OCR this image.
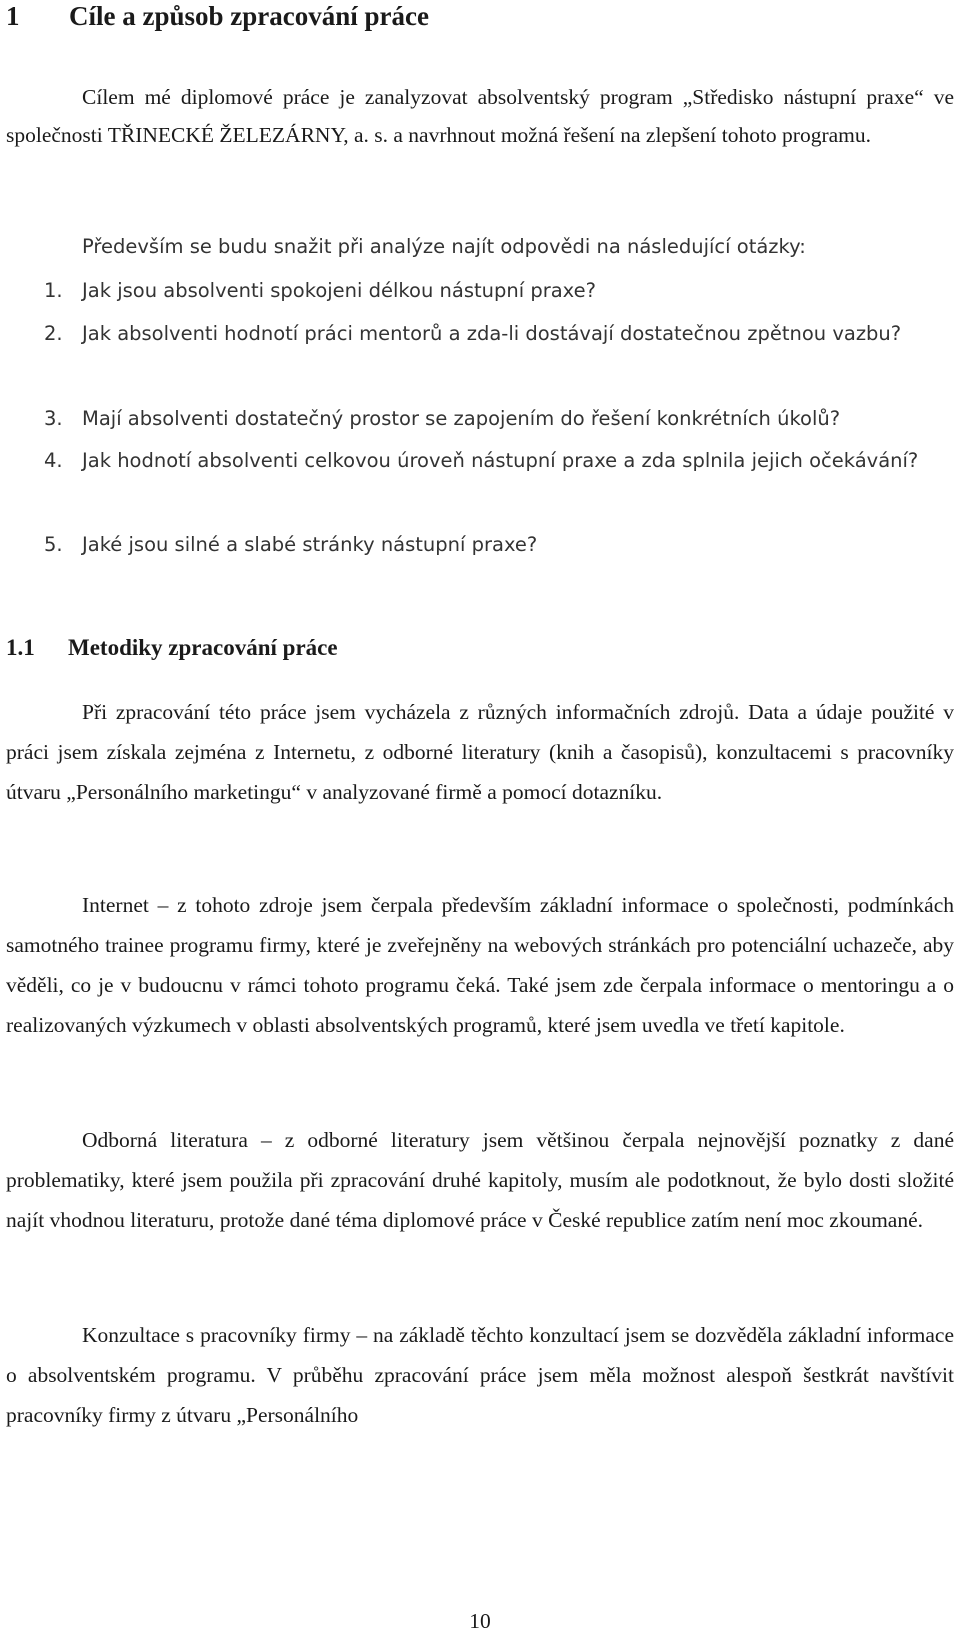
1 Cíle a způsob zpracování práce
Cílem mé diplomové práce je zanalyzovat absolventský program „Středisko nástupní praxe“ ve společnosti TŘINECKÉ ŽELEZÁRNY, a. s. a navrhnout možná řešení na zlepšení tohoto programu.
Především se budu snažit při analýze najít odpovědi na následující otázky:
1. Jak jsou absolventi spokojeni délkou nástupní praxe?
2. Jak absolventi hodnotí práci mentorů a zda-li dostávají dostatečnou zpětnou vazbu?
3. Mají absolventi dostatečný prostor se zapojením do řešení konkrétních úkolů?
4. Jak hodnotí absolventi celkovou úroveň nástupní praxe a zda splnila jejich očekávání?
5. Jaké jsou silné a slabé stránky nástupní praxe?
1.1 Metodiky zpracování práce
Při zpracování této práce jsem vycházela z různých informačních zdrojů. Data a údaje použité v práci jsem získala zejména z Internetu, z odborné literatury (knih a časopisů), konzultacemi s pracovníky útvaru „Personálního marketingu“ v analyzované firmě a pomocí dotazníku.
Internet – z tohoto zdroje jsem čerpala především základní informace o společnosti, podmínkách samotného trainee programu firmy, které je zveřejněny na webových stránkách pro potenciální uchazeče, aby věděli, co je v budoucnu v rámci tohoto programu čeká. Také jsem zde čerpala informace o mentoringu a o realizovaných výzkumech v oblasti absolventských programů, které jsem uvedla ve třetí kapitole.
Odborná literatura – z odborné literatury jsem většinou čerpala nejnovější poznatky z dané problematiky, které jsem použila při zpracování druhé kapitoly, musím ale podotknout, že bylo dosti složité najít vhodnou literaturu, protože dané téma diplomové práce v České republice zatím není moc zkoumané.
Konzultace s pracovníky firmy – na základě těchto konzultací jsem se dozvěděla základní informace o absolventském programu. V průběhu zpracování práce jsem měla možnost alespoň šestkrát navštívit pracovníky firmy z útvaru „Personálního
10
